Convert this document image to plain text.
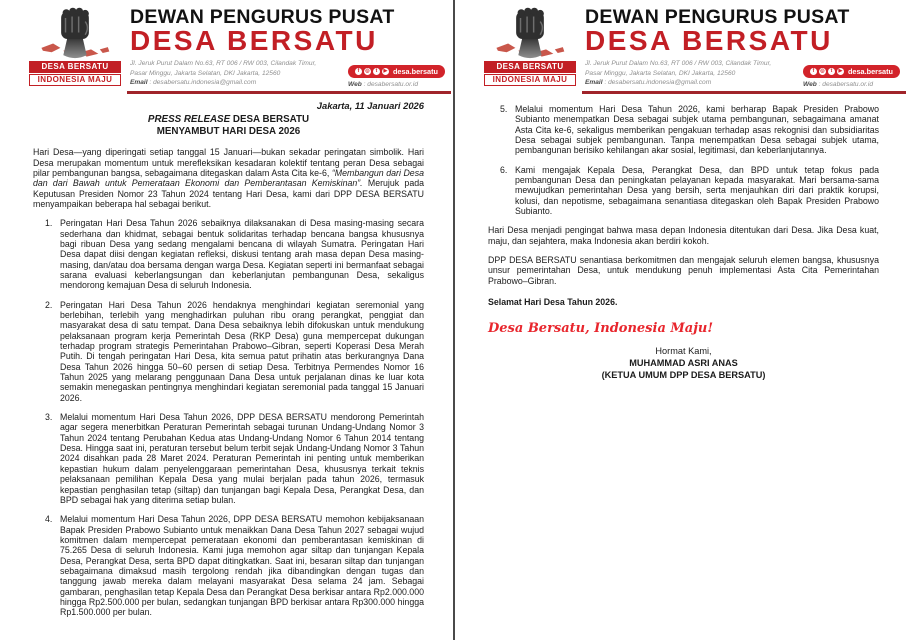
DESA BERSATU
INDONESIA MAJU
DEWAN PENGURUS PUSAT
DESA BERSATU
Jl. Jeruk Purut Dalam No.63, RT 006 / RW 003, Cilandak Timur,
Pasar Minggu, Jakarta Selatan, DKI Jakarta, 12560
Email : desabersatu.indonesia@gmail.com
f	◎	t	▶ desa.bersatu
Web : desabersatu.or.id
Jakarta, 11 Januari 2026
PRESS RELEASE DESA BERSATU
MENYAMBUT HARI DESA 2026
Hari Desa—yang diperingati setiap tanggal 15 Januari—bukan sekadar peringatan simbolik. Hari Desa merupakan momentum untuk merefleksikan kesadaran kolektif tentang peran Desa sebagai pilar pembangunan bangsa, sebagaimana ditegaskan dalam Asta Cita ke-6, “Membangun dari Desa dan dari Bawah untuk Pemerataan Ekonomi dan Pemberantasan Kemiskinan”. Merujuk pada Keputusan Presiden Nomor 23 Tahun 2024 tentang Hari Desa, kami dari DPP DESA BERSATU menyampaikan beberapa hal sebagai berikut.
1. Peringatan Hari Desa Tahun 2026 sebaiknya dilaksanakan di Desa masing-masing secara sederhana dan khidmat, sebagai bentuk solidaritas terhadap bencana bangsa khususnya bagi ribuan Desa yang sedang mengalami bencana di wilayah Sumatra. Peringatan Hari Desa dapat diisi dengan kegiatan refleksi, diskusi tentang arah masa depan Desa masing-masing, dan/atau doa bersama dengan warga Desa. Kegiatan seperti ini bermanfaat sebagai sarana evaluasi keberlangsungan dan keberlanjutan pembangunan Desa, sekaligus mendorong kemajuan Desa di seluruh Indonesia.
2. Peringatan Hari Desa Tahun 2026 hendaknya menghindari kegiatan seremonial yang berlebihan, terlebih yang menghadirkan puluhan ribu orang perangkat, penggiat dan masyarakat desa di satu tempat. Dana Desa sebaiknya lebih difokuskan untuk mendukung pelaksanaan program kerja Pemerintah Desa (RKP Desa) guna mempercepat dukungan terhadap program strategis Pemerintahan Prabowo–Gibran, seperti Koperasi Desa Merah Putih. Di tengah peringatan Hari Desa, kita semua patut prihatin atas berkurangnya Dana Desa Tahun 2026 hingga 50–60 persen di setiap Desa. Terbitnya Permendes Nomor 16 Tahun 2025 yang melarang penggunaan Dana Desa untuk perjalanan dinas ke luar kota semakin menegaskan pentingnya menghindari kegiatan seremonial pada tanggal 15 Januari 2026.
3. Melalui momentum Hari Desa Tahun 2026, DPP DESA BERSATU mendorong Pemerintah agar segera menerbitkan Peraturan Pemerintah sebagai turunan Undang-Undang Nomor 3 Tahun 2024 tentang Perubahan Kedua atas Undang-Undang Nomor 6 Tahun 2014 tentang Desa. Hingga saat ini, peraturan tersebut belum terbit sejak Undang-Undang Nomor 3 Tahun 2024 disahkan pada 28 Maret 2024. Peraturan Pemerintah ini penting untuk memberikan kepastian hukum dalam penyelenggaraan pemerintahan Desa, khususnya terkait teknis pelaksanaan pemilihan Kepala Desa yang mulai berjalan pada tahun 2026, termasuk kepastian penghasilan tetap (siltap) dan tunjangan bagi Kepala Desa, Perangkat Desa, dan BPD sebagai hak yang diterima setiap bulan.
4. Melalui momentum Hari Desa Tahun 2026, DPP DESA BERSATU memohon kebijaksanaan Bapak Presiden Prabowo Subianto untuk menaikkan Dana Desa Tahun 2027 sebagai wujud komitmen dalam mempercepat pemerataan ekonomi dan pemberantasan kemiskinan di 75.265 Desa di seluruh Indonesia. Kami juga memohon agar siltap dan tunjangan Kepala Desa, Perangkat Desa, serta BPD dapat ditingkatkan. Saat ini, besaran siltap dan tunjangan sebagaimana dimaksud masih tergolong rendah jika dibandingkan dengan tugas dan tanggung jawab mereka dalam melayani masyarakat Desa selama 24 jam. Sebagai gambaran, penghasilan tetap Kepala Desa dan Perangkat Desa berkisar antara Rp2.000.000 hingga Rp2.500.000 per bulan, sedangkan tunjangan BPD berkisar antara Rp300.000 hingga Rp1.500.000 per bulan.
DESA BERSATU
INDONESIA MAJU
DEWAN PENGURUS PUSAT
DESA BERSATU
Jl. Jeruk Purut Dalam No.63, RT 006 / RW 003, Cilandak Timur,
Pasar Minggu, Jakarta Selatan, DKI Jakarta, 12560
Email : desabersatu.indonesia@gmail.com
f	◎	t	▶ desa.bersatu
Web : desabersatu.or.id
5. Melalui momentum Hari Desa Tahun 2026, kami berharap Bapak Presiden Prabowo Subianto menempatkan Desa sebagai subjek utama pembangunan, sebagaimana amanat Asta Cita ke-6, sekaligus memberikan pengakuan terhadap asas rekognisi dan subsidiaritas Desa sebagai subjek pembangunan. Tanpa menempatkan Desa sebagai subjek utama, pembangunan berisiko kehilangan akar sosial, legitimasi, dan keberlanjutannya.
6. Kami mengajak Kepala Desa, Perangkat Desa, dan BPD untuk tetap fokus pada pembangunan Desa dan peningkatan pelayanan kepada masyarakat. Mari bersama-sama mewujudkan pemerintahan Desa yang bersih, serta menjauhkan diri dari praktik korupsi, kolusi, dan nepotisme, sebagaimana senantiasa ditegaskan oleh Bapak Presiden Prabowo Subianto.
Hari Desa menjadi pengingat bahwa masa depan Indonesia ditentukan dari Desa. Jika Desa kuat, maju, dan sejahtera, maka Indonesia akan berdiri kokoh.
DPP DESA BERSATU senantiasa berkomitmen dan mengajak seluruh elemen bangsa, khususnya unsur pemerintahan Desa, untuk mendukung penuh implementasi Asta Cita Pemerintahan Prabowo–Gibran.
Selamat Hari Desa Tahun 2026.
Desa Bersatu, Indonesia Maju!
Hormat Kami,
MUHAMMAD ASRI ANAS
(KETUA UMUM DPP DESA BERSATU)
